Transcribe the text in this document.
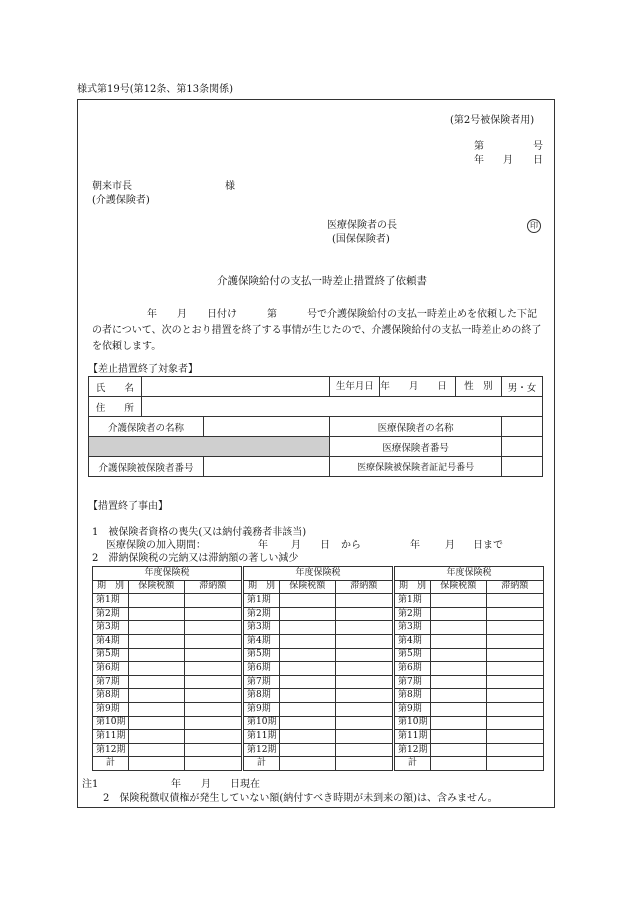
様式第19号(第12条、第13条関係)
(第2号被保険者用)
第	号
年 月 日
朝来市長	様
(介護保険者)
医療保険者の長
(国保保険者)
印
介護保険給付の支払一時差止措置終了依頼書
年　　月　　日付け　　　第　　　号で介護保険給付の支払一時差止めを依頼した下記の者について、次のとおり措置を終了する事情が生じたので、介護保険給付の支払一時差止めの終了を依頼します。
【差止措置終了対象者】
氏　　名			生年月日 年　　月　　日 性　別	男・女
住　　所				
介護保険者の名称			医療保険者の名称	
			医療保険者番号	
介護保険被保険者番号			医療保険被保険者証記号番号	
【措置終了事由】
1　被保険者資格の喪失(又は納付義務者非該当)
医療保険の加入期間：	年 月 日 から	年	月 日まで
2　滞納保険税の完納又は滞納額の著しい減少
年度保険税		
期　別	保険税額	滞納額
第1期		
第2期		
第3期		
第4期		
第5期		
第6期		
第7期		
第8期		
第9期		
第10期		
第11期		
第12期		
計		
年度保険税		
期　別	保険税額	滞納額
第1期		
第2期		
第3期		
第4期		
第5期		
第6期		
第7期		
第8期		
第9期		
第10期		
第11期		
第12期		
計		
年度保険税		
期　別	保険税額	滞納額
第1期		
第2期		
第3期		
第4期		
第5期		
第6期		
第7期		
第8期		
第9期		
第10期		
第11期		
第12期		
計		
注1	年 月 日現在
2　保険税徴収債権が発生していない額(納付すべき時期が未到来の額)は、含みません。
